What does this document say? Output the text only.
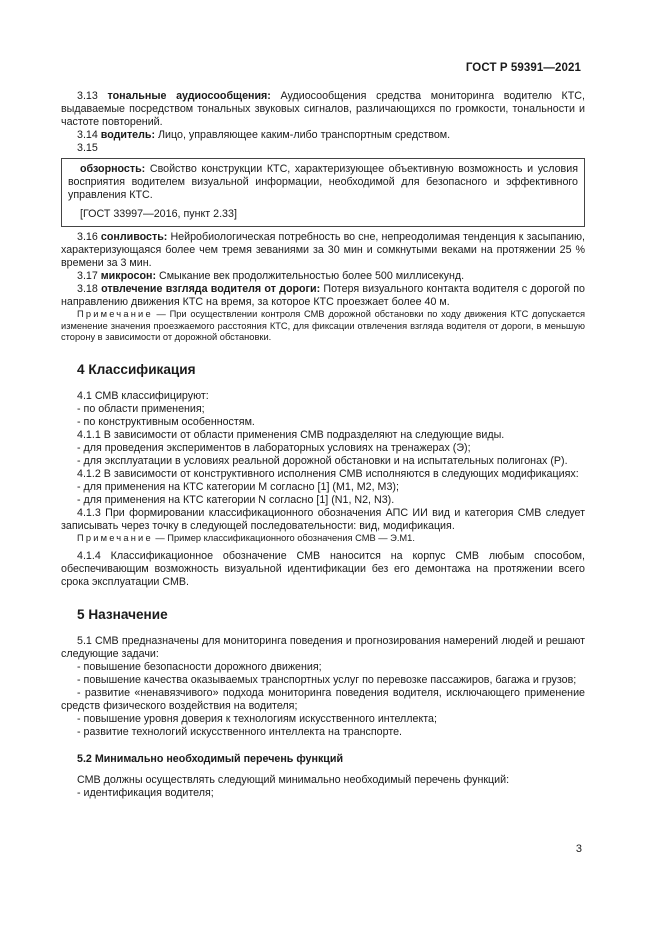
ГОСТ Р 59391—2021

3.13 тональные аудиосообщения: Аудиосообщения средства мониторинга водителю КТС, выдаваемые посредством тональных звуковых сигналов, различающихся по громкости, тональности и частоте повторений.

3.14 водитель: Лицо, управляющее каким-либо транспортным средством.

3.15

обзорность: Свойство конструкции КТС, характеризующее объективную возможность и условия восприятия водителем визуальной информации, необходимой для безопасного и эффективного управления КТС.

[ГОСТ 33997—2016, пункт 2.33]

3.16 сонливость: Нейробиологическая потребность во сне, непреодолимая тенденция к засыпанию, характеризующаяся более чем тремя зеваниями за 30 мин и сомкнутыми веками на протяжении 25 % времени за 3 мин.

3.17 микросон: Смыкание век продолжительностью более 500 миллисекунд.

3.18 отвлечение взгляда водителя от дороги: Потеря визуального контакта водителя с дорогой по направлению движения КТС на время, за которое КТС проезжает более 40 м.

Примечание — При осуществлении контроля СМВ дорожной обстановки по ходу движения КТС допускается изменение значения проезжаемого расстояния КТС, для фиксации отвлечения взгляда водителя от дороги, в меньшую сторону в зависимости от дорожной обстановки.

4 Классификация

4.1 СМВ классифицируют:

- по области применения;

- по конструктивным особенностям.

4.1.1 В зависимости от области применения СМВ подразделяют на следующие виды.

- для проведения экспериментов в лабораторных условиях на тренажерах (Э);

- для эксплуатации в условиях реальной дорожной обстановки и на испытательных полигонах (Р).

4.1.2 В зависимости от конструктивного исполнения СМВ исполняются в следующих модификациях:

- для применения на КТС категории М согласно [1] (М1, М2, М3);

- для применения на КТС категории N согласно [1] (N1, N2, N3).

4.1.3 При формировании классификационного обозначения АПС ИИ вид и категория СМВ следует записывать через точку в следующей последовательности: вид, модификация.

Примечание — Пример классификационного обозначения СМВ — Э.М1.

4.1.4 Классификационное обозначение СМВ наносится на корпус СМВ любым способом, обеспечивающим возможность визуальной идентификации без его демонтажа на протяжении всего срока эксплуатации СМВ.

5 Назначение

5.1 СМВ предназначены для мониторинга поведения и прогнозирования намерений людей и решают следующие задачи:

- повышение безопасности дорожного движения;

- повышение качества оказываемых транспортных услуг по перевозке пассажиров, багажа и грузов;

- развитие «ненавязчивого» подхода мониторинга поведения водителя, исключающего применение средств физического воздействия на водителя;

- повышение уровня доверия к технологиям искусственного интеллекта;

- развитие технологий искусственного интеллекта на транспорте.

5.2 Минимально необходимый перечень функций

СМВ должны осуществлять следующий минимально необходимый перечень функций:

- идентификация водителя;

3
